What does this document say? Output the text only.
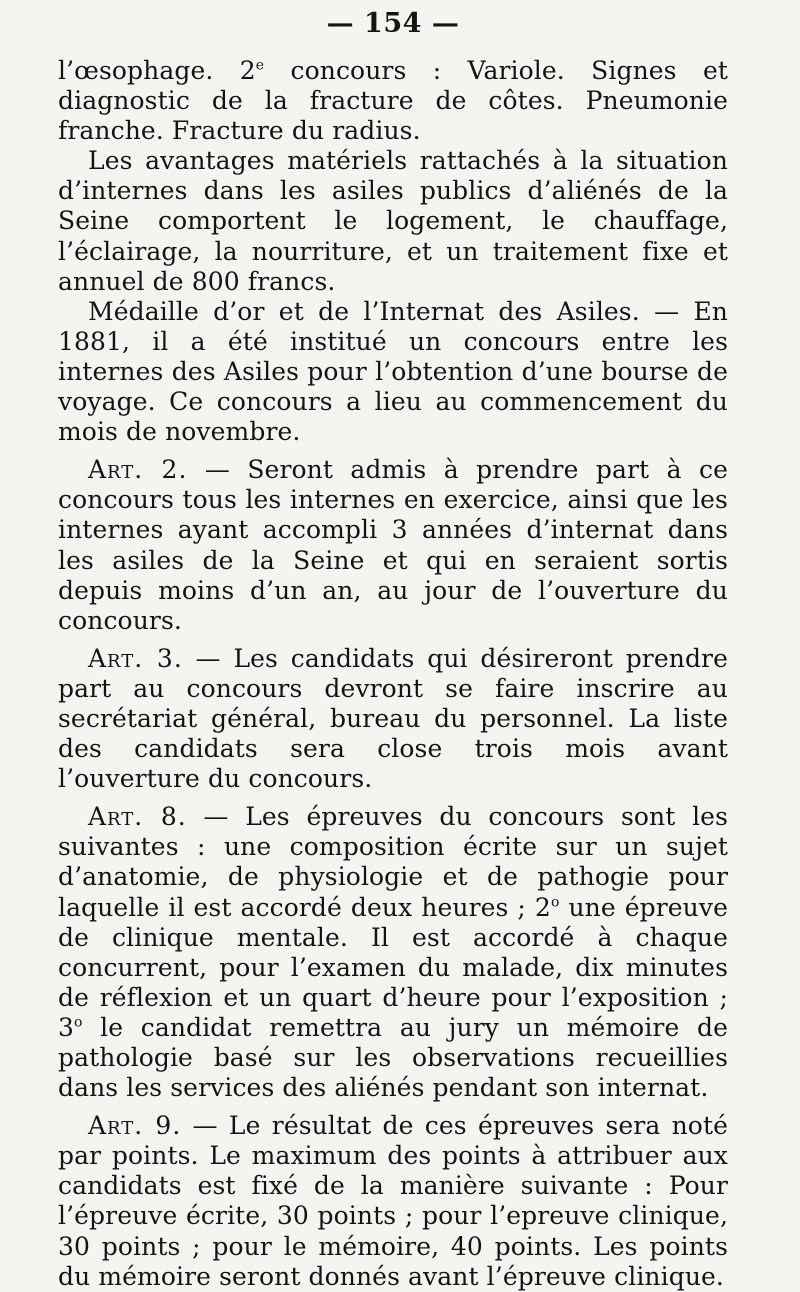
— 154 —

l’œsophage. 2e concours : Variole. Signes et diagnostic de la fracture de côtes. Pneumonie franche. Fracture du radius.

Les avantages matériels rattachés à la situation d’internes dans les asiles publics d’aliénés de la Seine comportent le logement, le chauffage, l’éclairage, la nourriture, et un traitement fixe et annuel de 800 francs.

Médaille d’or et de l’Internat des Asiles. — En 1881, il a été institué un concours entre les internes des Asiles pour l’obtention d’une bourse de voyage. Ce concours a lieu au commencement du mois de novembre.

Art. 2. — Seront admis à prendre part à ce concours tous les internes en exercice, ainsi que les internes ayant accompli 3 années d’internat dans les asiles de la Seine et qui en seraient sortis depuis moins d’un an, au jour de l’ouverture du concours.

Art. 3. — Les candidats qui désireront prendre part au concours devront se faire inscrire au secrétariat général, bureau du personnel. La liste des candidats sera close trois mois avant l’ouverture du concours.

Art. 8. — Les épreuves du concours sont les suivantes : une composition écrite sur un sujet d’anatomie, de physiologie et de pathogie pour laquelle il est accordé deux heures ; 2$^o$ une épreuve de clinique mentale. Il est accordé à chaque concurrent, pour l’examen du malade, dix minutes de réflexion et un quart d’heure pour l’exposition ; 3$^o$ le candidat remettra au jury un mémoire de pathologie basé sur les observations recueillies dans les services des aliénés pendant son internat.

Art. 9. — Le résultat de ces épreuves sera noté par points. Le maximum des points à attribuer aux candidats est fixé de la manière suivante : Pour l’épreuve écrite, 30 points ; pour l’epreuve clinique, 30 points ; pour le mémoire, 40 points. Les points du mémoire seront donnés avant l’épreuve clinique.
